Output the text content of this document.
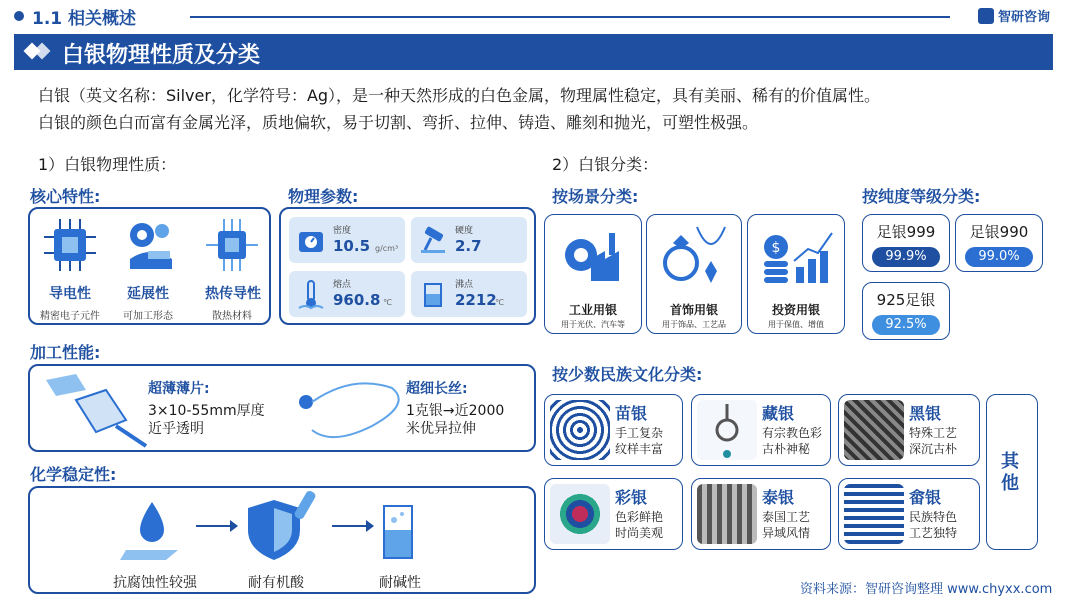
1.1 相关概述	智研咨询
白银物理性质及分类
白银（英文名称：Silver，化学符号：Ag），是一种天然形成的白色金属，物理属性稳定，具有美丽、稀有的价值属性。
白银的颜色白而富有金属光泽，质地偏软，易于切割、弯折、拉伸、铸造、雕刻和抛光，可塑性极强。
1）白银物理性质：
核心特性:
导电性
精密电子元件
延展性
可加工形态
热传导性
散热材料
物理参数:
密度
10.5 g/cm³
硬度
2.7
熔点
960.8 ℃
沸点
2212
℃
加工性能:
超薄薄片:
3×10-55mm厚度
近乎透明
超细长丝:
1克银→近2000
米优异拉伸
化学稳定性:
抗腐蚀性较强	耐有机酸	耐碱性
2）白银分类：
按场景分类:
工业用银
用于光伏、汽车等
首饰用银
用于饰品、工艺品
$
投资用银
用于保值、增值
按纯度等级分类:
足银999
99.9%
足银990
99.0%
925足银
92.5%
按少数民族文化分类:
苗银
手工复杂
纹样丰富
藏银
有宗教色彩
古朴神秘
黑银
特殊工艺
深沉古朴
彩银
色彩鲜艳
时尚美观
泰银
泰国工艺
异域风情
畲银
民族特色
工艺独特
其他
资料来源：智研咨询整理 www.chyxx.com
